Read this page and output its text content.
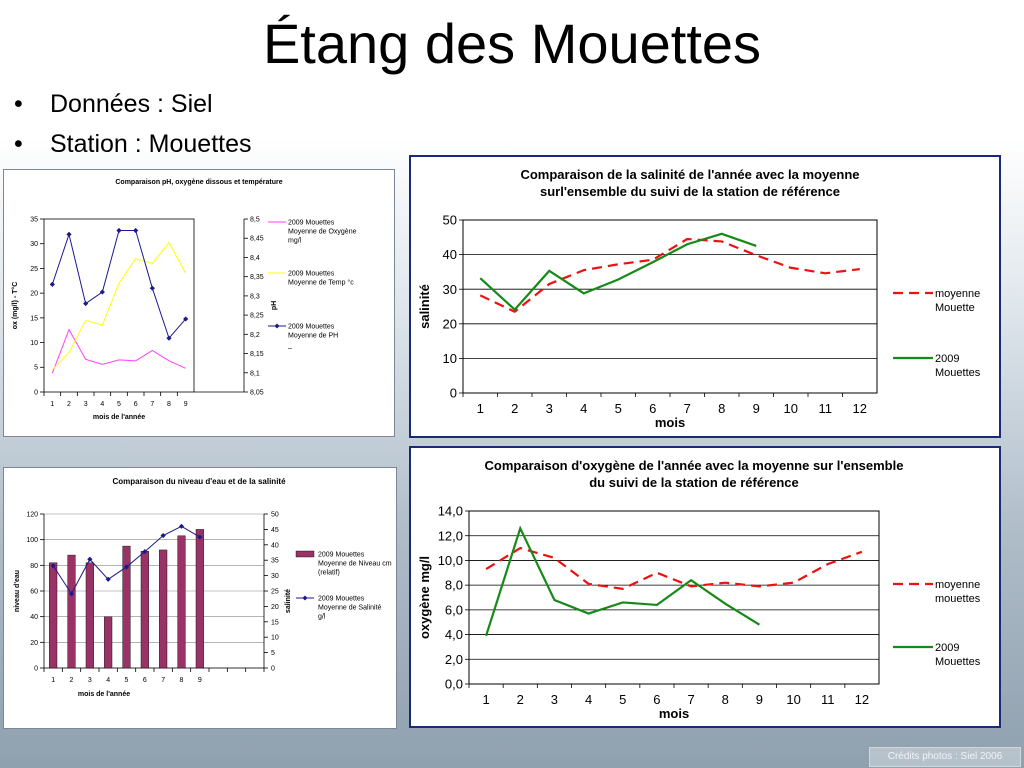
Étang des Mouettes
• Données : Siel
• Station : Mouettes
Comparaison pH, oxygène dissous et température
0
5
10
15
20
25
30
35
1 2 3 4 5 6 7 8 9
mois de l'année
ox (mg/l) - T°C
8,05
8,1
8,15
8,2
8,25
8,3
8,35
8,4
8,45
8,5
pH
2009 Mouettes Moyenne de Oxygène mg/l
2009 Mouettes Moyenne de Temp °c
2009 Mouettes Moyenne de PH
–
Comparaison de la salinité de l'année avec la moyenne
surl'ensemble du suivi de la station de référence
0
10
20
30
40
50
1 2 3 4 5 6 7 8 9 10 11 12
mois
salinité	moyenne Mouette
2009 Mouettes
Comparaison du niveau d'eau et de la salinité
0
20
40
60
80
100
120
0
5
10
15
20
25
30
35
40
45
50
1 2 3 4 5 6 7 8 9
mois de l'année
niveau d'eau	salinité
2009 Mouettes Moyenne de Niveau cm (relatif)
2009 Mouettes Moyenne de Salinité g/l
Comparaison d'oxygène de l'année avec la moyenne sur l'ensemble
du suivi de la station de référence
0,0
2,0
4,0
6,0
8,0
10,0
12,0
14,0
1 2 3 4 5 6 7 8 9 10 11 12
mois
oxygène mg/l	moyenne mouettes
2009 Mouettes
Crédits photos : Siel 2006
